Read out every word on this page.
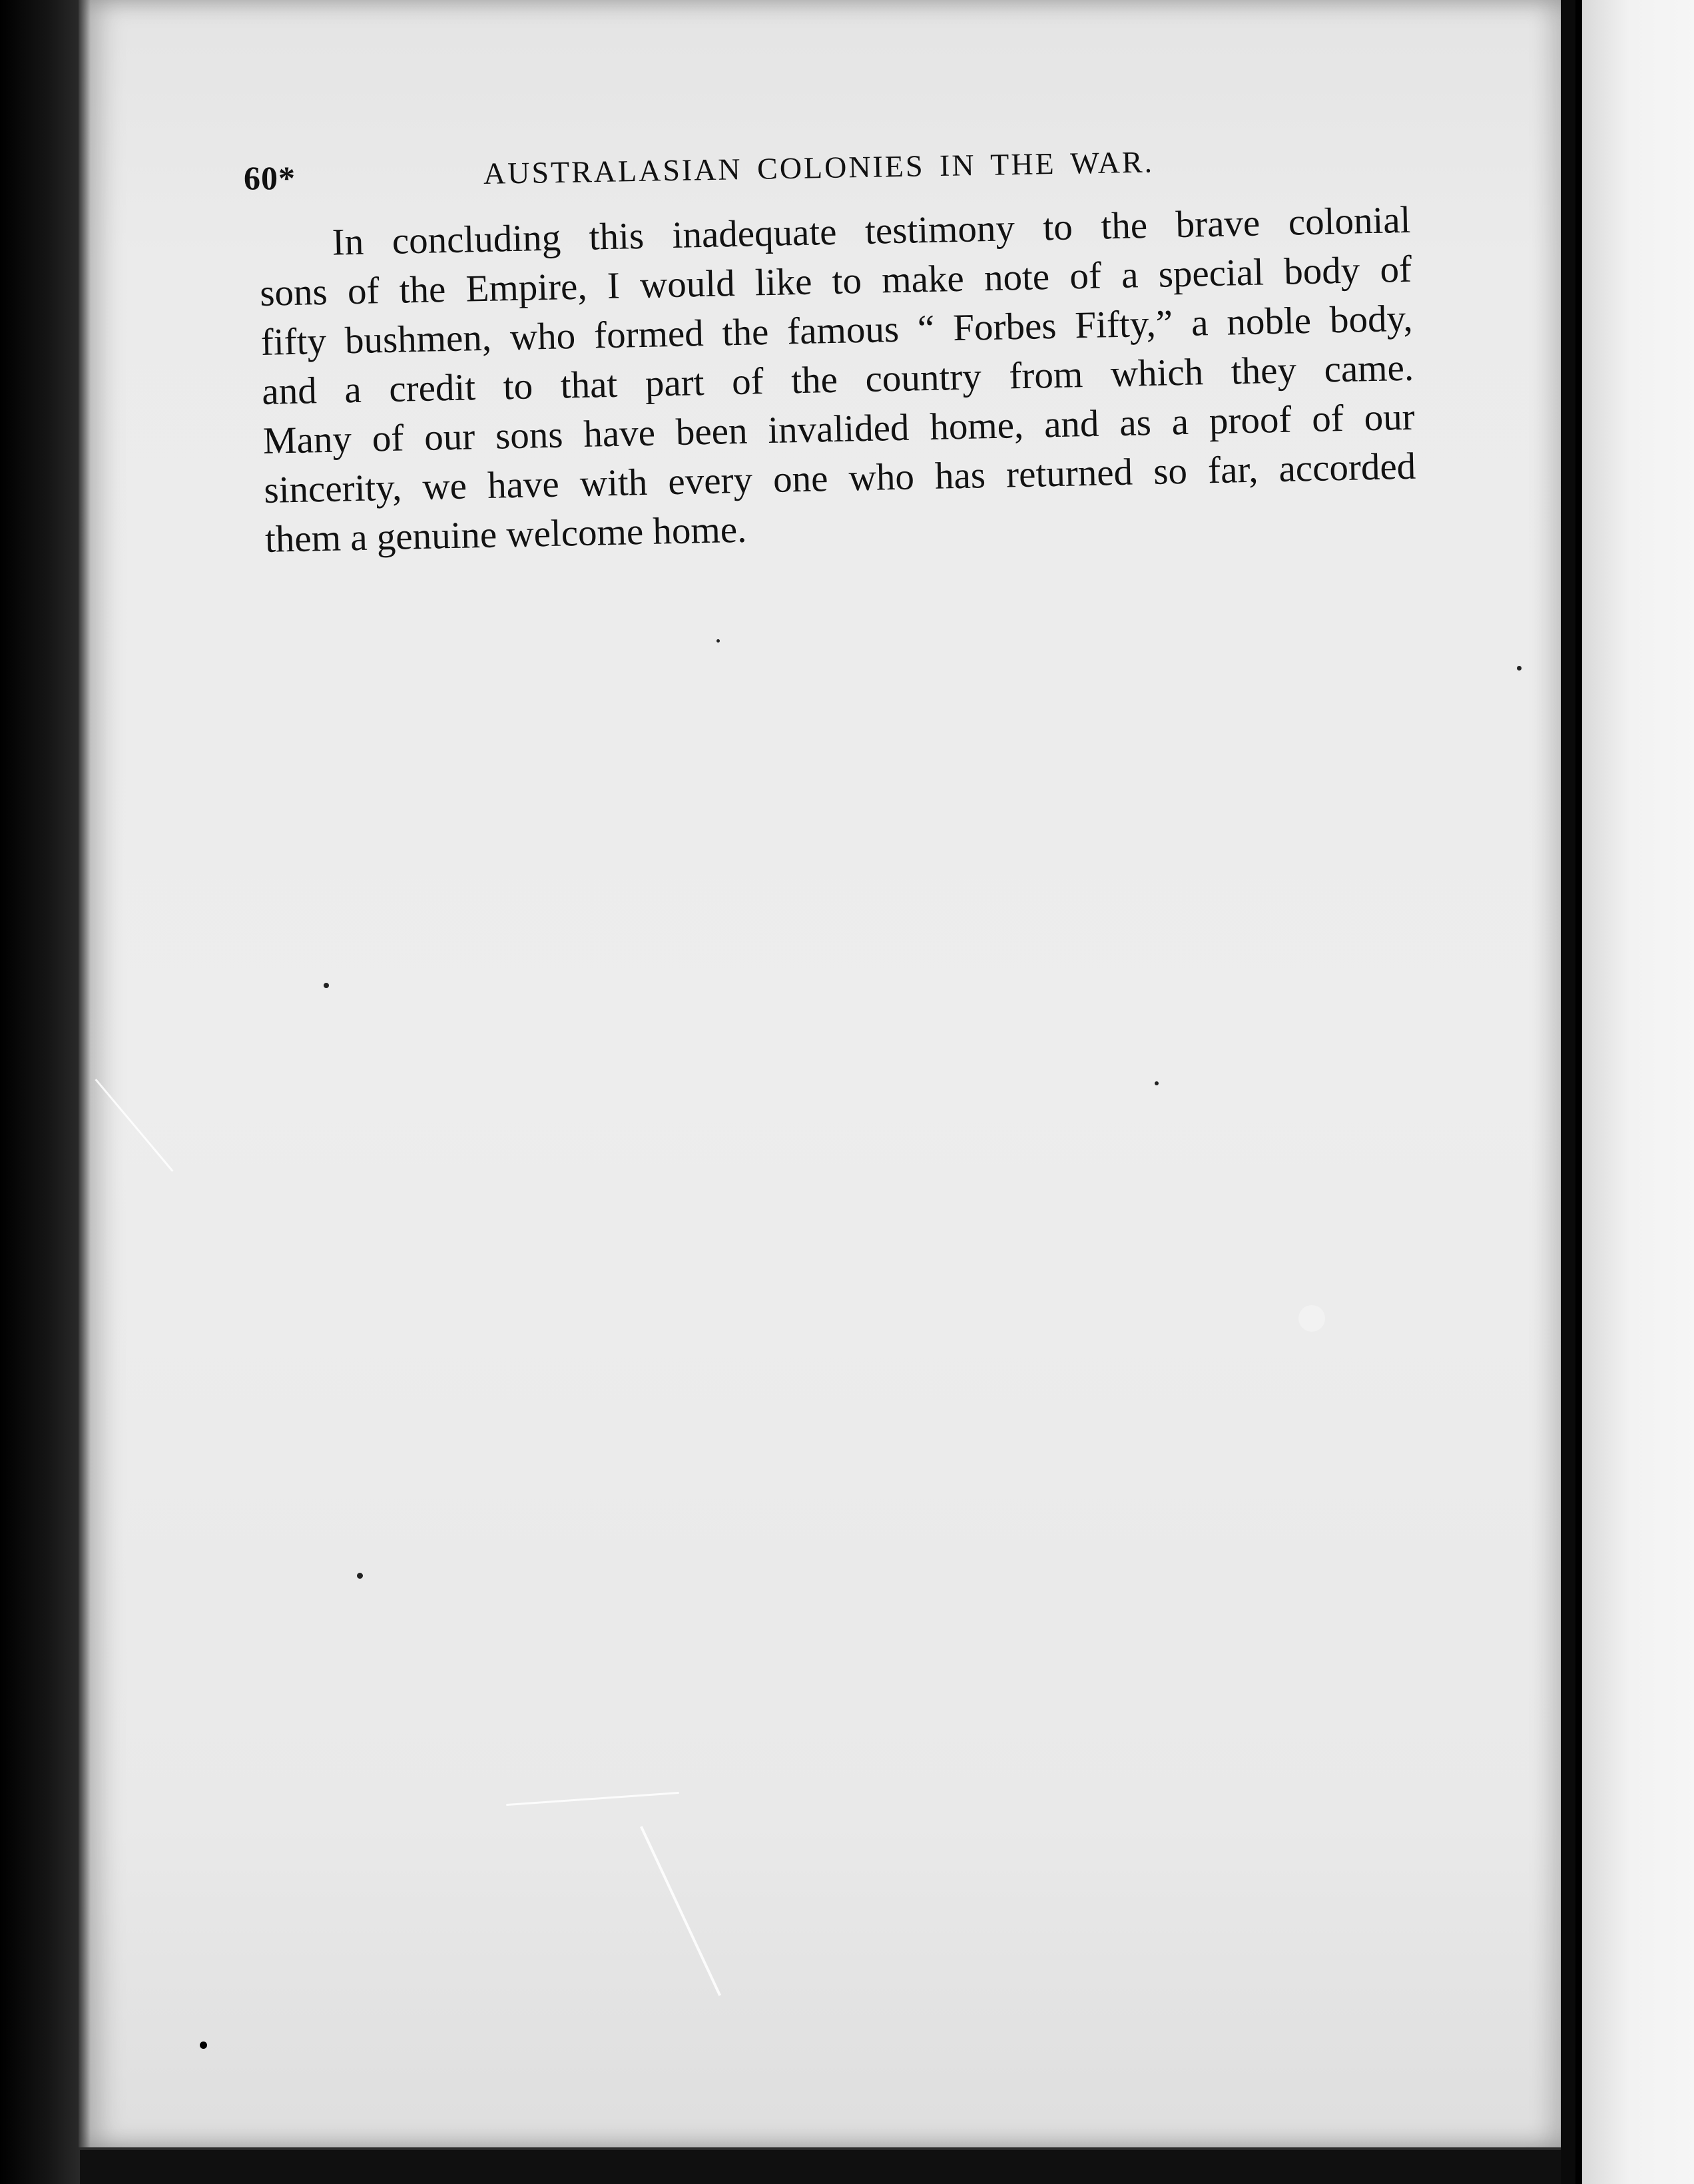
60*	AUSTRALASIAN COLONIES IN THE WAR.
In concluding this inadequate testimony to the brave colonial
sons of the Empire, I would like to make note of a special body of
fifty bushmen, who formed the famous “ Forbes Fifty,” a noble body,
and a credit to that part of the country from which they came.
Many of our sons have been invalided home, and as a proof of our
sincerity, we have with every one who has returned so far, accorded
them a genuine welcome home.
